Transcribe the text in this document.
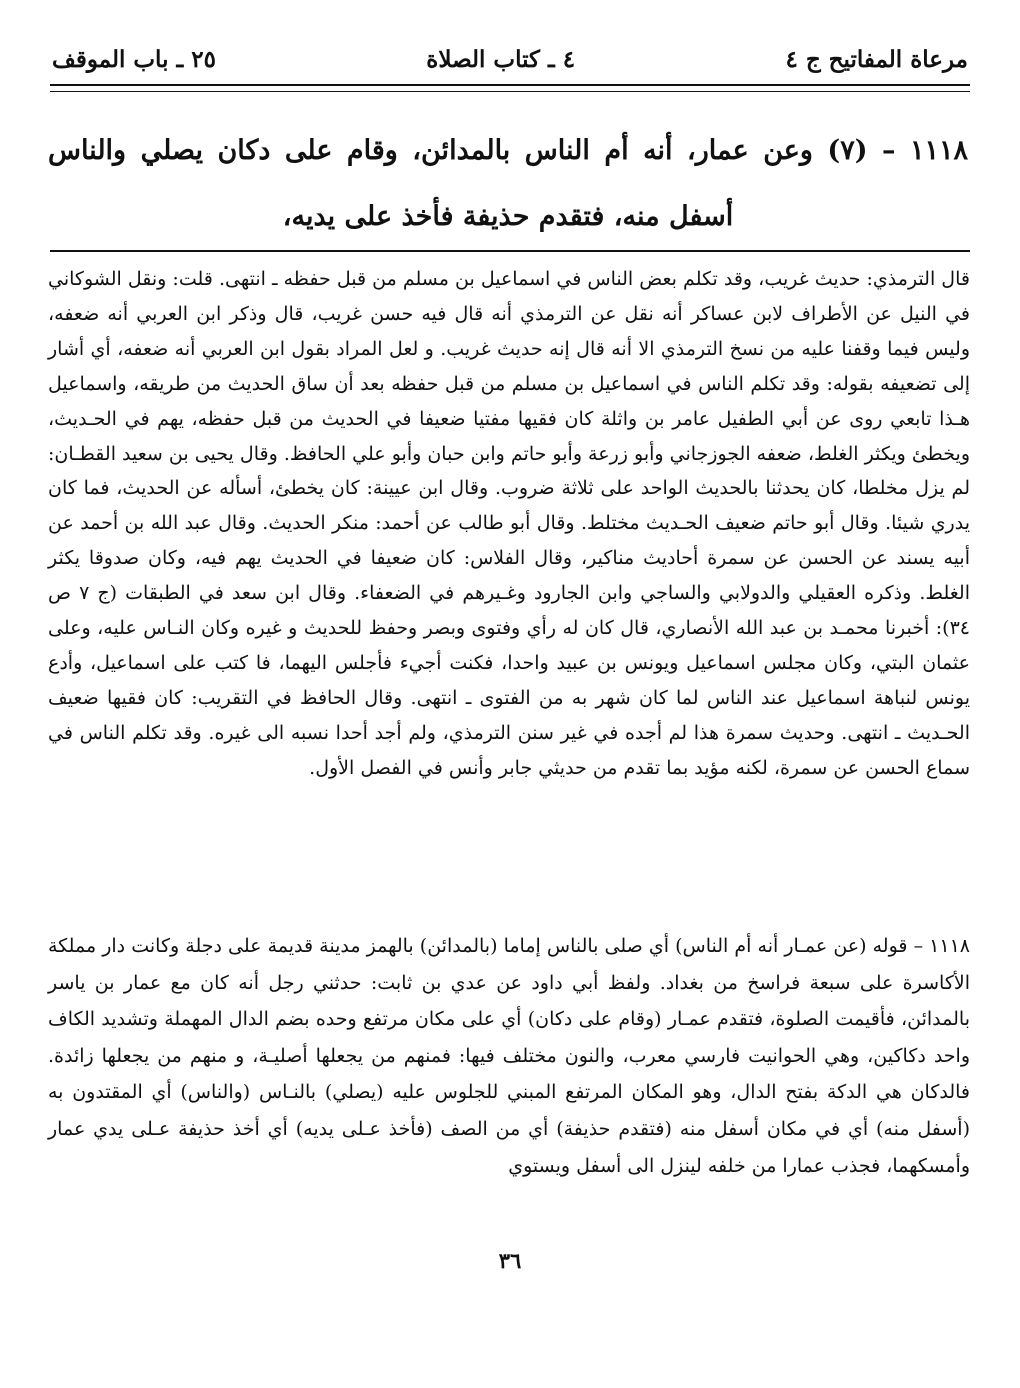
مرعاة المفاتيح ج ٤
٤ ـ كتاب الصلاة
٢٥ ـ باب الموقف
١١١٨ – (٧) وعن عمار، أنه أم الناس بالمدائن، وقام على دكان يصلي والناس أسفل منه، فتقدم حذيفة فأخذ على يديه،

قال الترمذي: حديث غريب، وقد تكلم بعض الناس في اسماعيل بن مسلم من قبل حفظه ـ انتهى. قلت: ونقل الشوكاني في النيل عن الأطراف لابن عساكر أنه نقل عن الترمذي أنه قال فيه حسن غريب، قال وذكر ابن العربي أنه ضعفه، وليس فيما وقفنا عليه من نسخ الترمذي الا أنه قال إنه حديث غريب. و لعل المراد بقول ابن العربي أنه ضعفه، أي أشار إلى تضعيفه بقوله: وقد تكلم الناس في اسماعيل بن مسلم من قبل حفظه بعد أن ساق الحديث من طريقه، واسماعيل هـذا تابعي روى عن أبي الطفيل عامر بن واثلة كان فقيها مفتيا ضعيفا في الحديث من قبل حفظه، يهم في الحـديث، ويخطئ ويكثر الغلط، ضعفه الجوزجاني وأبو زرعة وأبو حاتم وابن حبان وأبو علي الحافظ. وقال يحيى بن سعيد القطـان: لم يزل مخلطا، كان يحدثنا بالحديث الواحد على ثلاثة ضروب. وقال ابن عيينة: كان يخطئ، أسأله عن الحديث، فما كان يدري شيئا. وقال أبو حاتم ضعيف الحـديث مختلط. وقال أبو طالب عن أحمد: منكر الحديث. وقال عبد الله بن أحمد عن أبيه يسند عن الحسن عن سمرة أحاديث مناكير، وقال الفلاس: كان ضعيفا في الحديث يهم فيه، وكان صدوقا يكثر الغلط. وذكره العقيلي والدولابي والساجي وابن الجارود وغـيرهم في الضعفاء. وقال ابن سعد في الطبقات (ج ٧ ص ٣٤): أخبرنا محمـد بن عبد الله الأنصاري، قال كان له رأي وفتوى وبصر وحفظ للحديث و غيره وكان النـاس عليه، وعلى عثمان البتي، وكان مجلس اسماعيل ويونس بن عبيد واحدا، فكنت أجيء فأجلس اليهما، فا كتب على اسماعيل، وأدع يونس لنباهة اسماعيل عند الناس لما كان شهر به من الفتوى ـ انتهى. وقال الحافظ في التقريب: كان فقيها ضعيف الحـديث ـ انتهى. وحديث سمرة هذا لم أجده في غير سنن الترمذي، ولم أجد أحدا نسبه الى غيره. وقد تكلم الناس في سماع الحسن عن سمرة، لكنه مؤيد بما تقدم من حديثي جابر وأنس في الفصل الأول.

١١١٨ – قوله (عن عمـار أنه أم الناس) أي صلى بالناس إماما (بالمدائن) بالهمز مدينة قديمة على دجلة وكانت دار مملكة الأكاسرة على سبعة فراسخ من بغداد. ولفظ أبي داود عن عدي بن ثابت: حدثني رجل أنه كان مع عمار بن ياسر بالمدائن، فأقيمت الصلوة، فتقدم عمـار (وقام على دكان) أي على مكان مرتفع وحده بضم الدال المهملة وتشديد الكاف واحد دكاكين، وهي الحوانيت فارسي معرب، والنون مختلف فيها: فمنهم من يجعلها أصليـة، و منهم من يجعلها زائدة. فالدكان هي الدكة بفتح الدال، وهو المكان المرتفع المبني للجلوس عليه (يصلي) بالنـاس (والناس) أي المقتدون به (أسفل منه) أي في مكان أسفل منه (فتقدم حذيفة) أي من الصف (فأخذ عـلى يديه) أي أخذ حذيفة عـلى يدي عمار وأمسكهما، فجذب عمارا من خلفه لينزل الى أسفل ويستوي

٣٦
